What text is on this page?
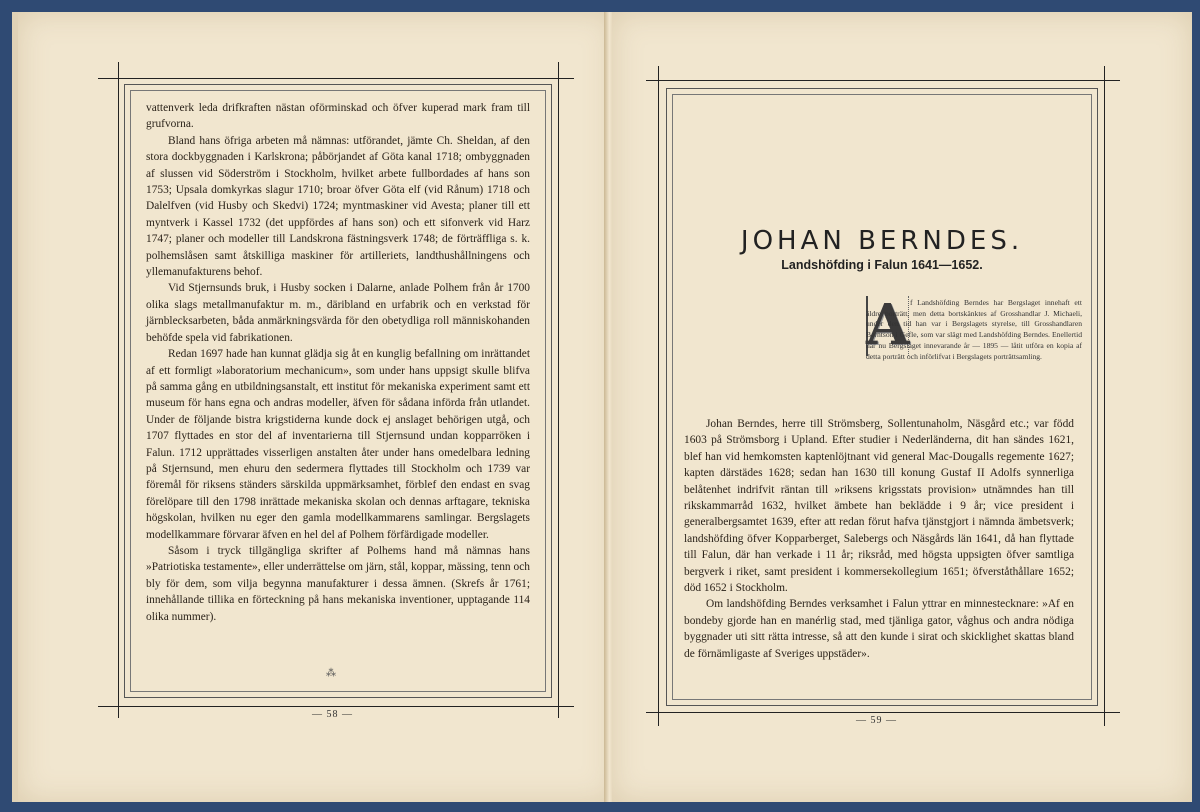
vattenverk leda drifkraften nästan oförminskad och öfver kuperad mark fram till grufvorna.

Bland hans öfriga arbeten må nämnas: utförandet, jämte Ch. Sheldan, af den stora dockbyggnaden i Karlskrona; påbörjandet af Göta kanal 1718; ombyggnaden af slussen vid Söderström i Stockholm, hvilket arbete fullbordades af hans son 1753; Upsala domkyrkas slagur 1710; broar öfver Göta elf (vid Rånum) 1718 och Dalelfven (vid Husby och Skedvi) 1724; myntmaskiner vid Avesta; planer till ett myntverk i Kassel 1732 (det uppfördes af hans son) och ett sifonverk vid Harz 1747; planer och modeller till Landskrona fästningsverk 1748; de förträffliga s. k. polhemslåsen samt åtskilliga maskiner för artilleriets, landthushållningens och yllemanufakturens behof.

Vid Stjernsunds bruk, i Husby socken i Dalarne, anlade Polhem från år 1700 olika slags metallmanufaktur m. m., däribland en urfabrik och en verkstad för järnblecksarbeten, båda anmärkningsvärda för den obetydliga roll människohanden behöfde spela vid fabrikationen.

Redan 1697 hade han kunnat glädja sig åt en kunglig befallning om inrättandet af ett formligt »laboratorium mechanicum», som under hans uppsigt skulle blifva på samma gång en utbildningsanstalt, ett institut för mekaniska experiment samt ett museum för hans egna och andras modeller, äfven för sådana införda från utlandet. Under de följande bistra krigstiderna kunde dock ej anslaget behörigen utgå, och 1707 flyttades en stor del af inventarierna till Stjernsund undan kopparröken i Falun. 1712 upprättades visserligen anstalten åter under hans omedelbara ledning på Stjernsund, men ehuru den sedermera flyttades till Stockholm och 1739 var föremål för riksens ständers särskilda uppmärksamhet, förblef den endast en svag förelöpare till den 1798 inrättade mekaniska skolan och dennas arftagare, tekniska högskolan, hvilken nu eger den gamla modellkammarens samlingar. Bergslagets modellkammare förvarar äfven en hel del af Polhem förfärdigade modeller.

Såsom i tryck tillgängliga skrifter af Polhems hand må nämnas hans »Patriotiska testamente», eller underrättelse om järn, stål, koppar, mässing, tenn och bly för dem, som vilja begynna manufakturer i dessa ämnen. (Skrefs år 1761; innehållande tillika en förteckning på hans mekaniska inventioner, upptagande 114 olika nummer).

⁂
— 58 —
JOHAN BERNDES.
Landshöfding i Falun 1641—1652.
A f Landshöfding Berndes har Bergslaget innehaft ett äldre porträtt, men detta bortskänktes af Grosshandlar J. Michaeli, under den tid han var i Bergslagets styrelse, till Grosshandlaren Berntson i Gefle, som var slägt med Landshöfding Berndes. Enellertid har nu Bergslaget innevarande år — 1895 — låtit utföra en kopia af detta porträtt och införlifvat i Bergslagets porträttsamling.

Johan Berndes, herre till Strömsberg, Sollentunaholm, Näsgård etc.; var född 1603 på Strömsborg i Upland. Efter studier i Nederländerna, dit han sändes 1621, blef han vid hemkomsten kaptenlöjtnant vid general Mac-Dougalls regemente 1627; kapten därstädes 1628; sedan han 1630 till konung Gustaf II Adolfs synnerliga belåtenhet indrifvit räntan till »riksens krigsstats provision» utnämndes han till rikskammarråd 1632, hvilket ämbete han beklädde i 9 år; vice president i generalbergsamtet 1639, efter att redan förut hafva tjänstgjort i nämnda ämbetsverk; landshöfding öfver Kopparberget, Salebergs och Näsgårds län 1641, då han flyttade till Falun, där han verkade i 11 år; riksråd, med högsta uppsigten öfver samtliga bergverk i riket, samt president i kommersekollegium 1651; öfverståthållare 1652; död 1652 i Stockholm.

Om landshöfding Berndes verksamhet i Falun yttrar en minnestecknare: »Af en bondeby gjorde han en manérlig stad, med tjänliga gator, våghus och andra nödiga byggnader uti sitt rätta intresse, så att den kunde i sirat och skicklighet skattas bland de förnämligaste af Sveriges uppstäder».

— 59 —
